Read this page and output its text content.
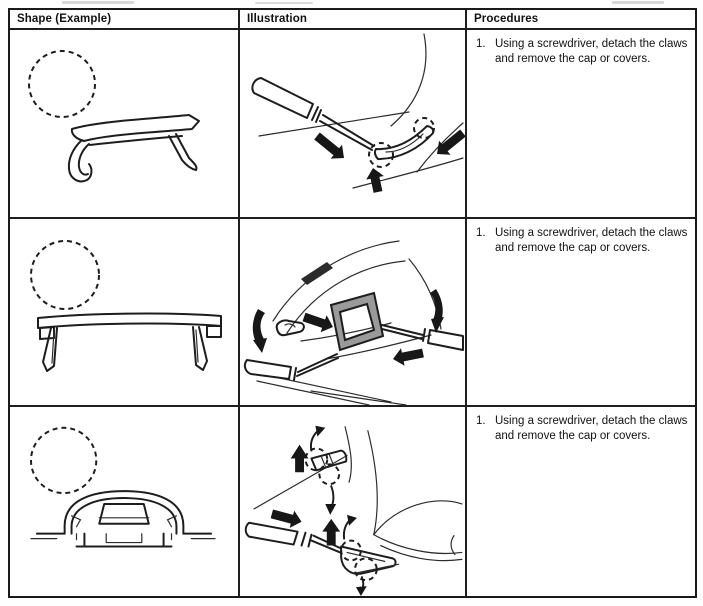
Shape (Example)	Illustration	Procedures
1. Using a screwdriver, detach the claws and remove the cap or covers.
1. Using a screwdriver, detach the claws and remove the cap or covers.
1. Using a screwdriver, detach the claws and remove the cap or covers.
